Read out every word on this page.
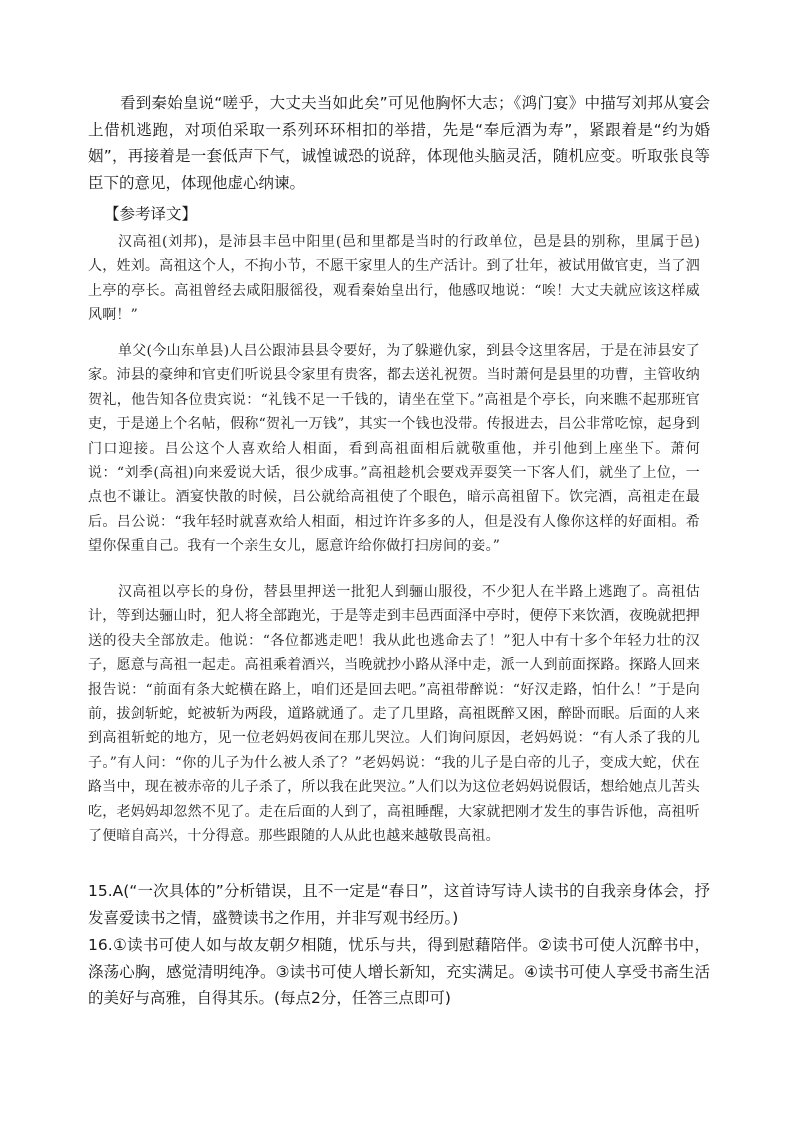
看到秦始皇说“嗟乎，大丈夫当如此矣”可见他胸怀大志；《鸿门宴》中描写刘邦从宴会上借机逃跑，对项伯采取一系列环环相扣的举措，先是“奉卮酒为寿”，紧跟着是“约为婚姻”，再接着是一套低声下气，诚惶诚恐的说辞，体现他头脑灵活，随机应变。听取张良等臣下的意见，体现他虚心纳谏。

【参考译文】

汉高祖(刘邦)，是沛县丰邑中阳里(邑和里都是当时的行政单位，邑是县的别称，里属于邑)人，姓刘。高祖这个人，不拘小节，不愿干家里人的生产活计。到了壮年，被试用做官吏，当了泗上亭的亭长。高祖曾经去咸阳服徭役，观看秦始皇出行，他感叹地说：“唉！大丈夫就应该这样威风啊！”

单父(今山东单县)人吕公跟沛县县令要好，为了躲避仇家，到县令这里客居，于是在沛县安了家。沛县的豪绅和官吏们听说县令家里有贵客，都去送礼祝贺。当时萧何是县里的功曹，主管收纳贺礼，他告知各位贵宾说：“礼钱不足一千钱的，请坐在堂下。”高祖是个亭长，向来瞧不起那班官吏，于是递上个名帖，假称“贺礼一万钱”，其实一个钱也没带。传报进去，吕公非常吃惊，起身到门口迎接。吕公这个人喜欢给人相面，看到高祖面相后就敬重他，并引他到上座坐下。萧何说：“刘季(高祖)向来爱说大话，很少成事。”高祖趁机会要戏弄耍笑一下客人们，就坐了上位，一点也不谦让。酒宴快散的时候，吕公就给高祖使了个眼色，暗示高祖留下。饮完酒，高祖走在最后。吕公说：“我年轻时就喜欢给人相面，相过许许多多的人，但是没有人像你这样的好面相。希望你保重自己。我有一个亲生女儿，愿意许给你做打扫房间的妾。”

汉高祖以亭长的身份，替县里押送一批犯人到骊山服役，不少犯人在半路上逃跑了。高祖估计，等到达骊山时，犯人将全部跑光，于是等走到丰邑西面泽中亭时，便停下来饮酒，夜晚就把押送的役夫全部放走。他说：“各位都逃走吧！我从此也逃命去了！”犯人中有十多个年轻力壮的汉子，愿意与高祖一起走。高祖乘着酒兴，当晚就抄小路从泽中走，派一人到前面探路。探路人回来报告说：“前面有条大蛇横在路上，咱们还是回去吧。”高祖带醉说：“好汉走路，怕什么！”于是向前，拔剑斩蛇，蛇被斩为两段，道路就通了。走了几里路，高祖既醉又困，醉卧而眠。后面的人来到高祖斩蛇的地方，见一位老妈妈夜间在那儿哭泣。人们询问原因，老妈妈说：“有人杀了我的儿子。”有人问：“你的儿子为什么被人杀了？”老妈妈说：“我的儿子是白帝的儿子，变成大蛇，伏在路当中，现在被赤帝的儿子杀了，所以我在此哭泣。”人们以为这位老妈妈说假话，想给她点儿苦头吃，老妈妈却忽然不见了。走在后面的人到了，高祖睡醒，大家就把刚才发生的事告诉他，高祖听了便暗自高兴，十分得意。那些跟随的人从此也越来越敬畏高祖。

15.A(“一次具体的”分析错误，且不一定是“春日”，这首诗写诗人读书的自我亲身体会，抒发喜爱读书之情，盛赞读书之作用，并非写观书经历。)

16.①读书可使人如与故友朝夕相随，忧乐与共，得到慰藉陪伴。②读书可使人沉醉书中，涤荡心胸，感觉清明纯净。③读书可使人增长新知，充实满足。④读书可使人享受书斋生活的美好与高雅，自得其乐。(每点2分，任答三点即可)
